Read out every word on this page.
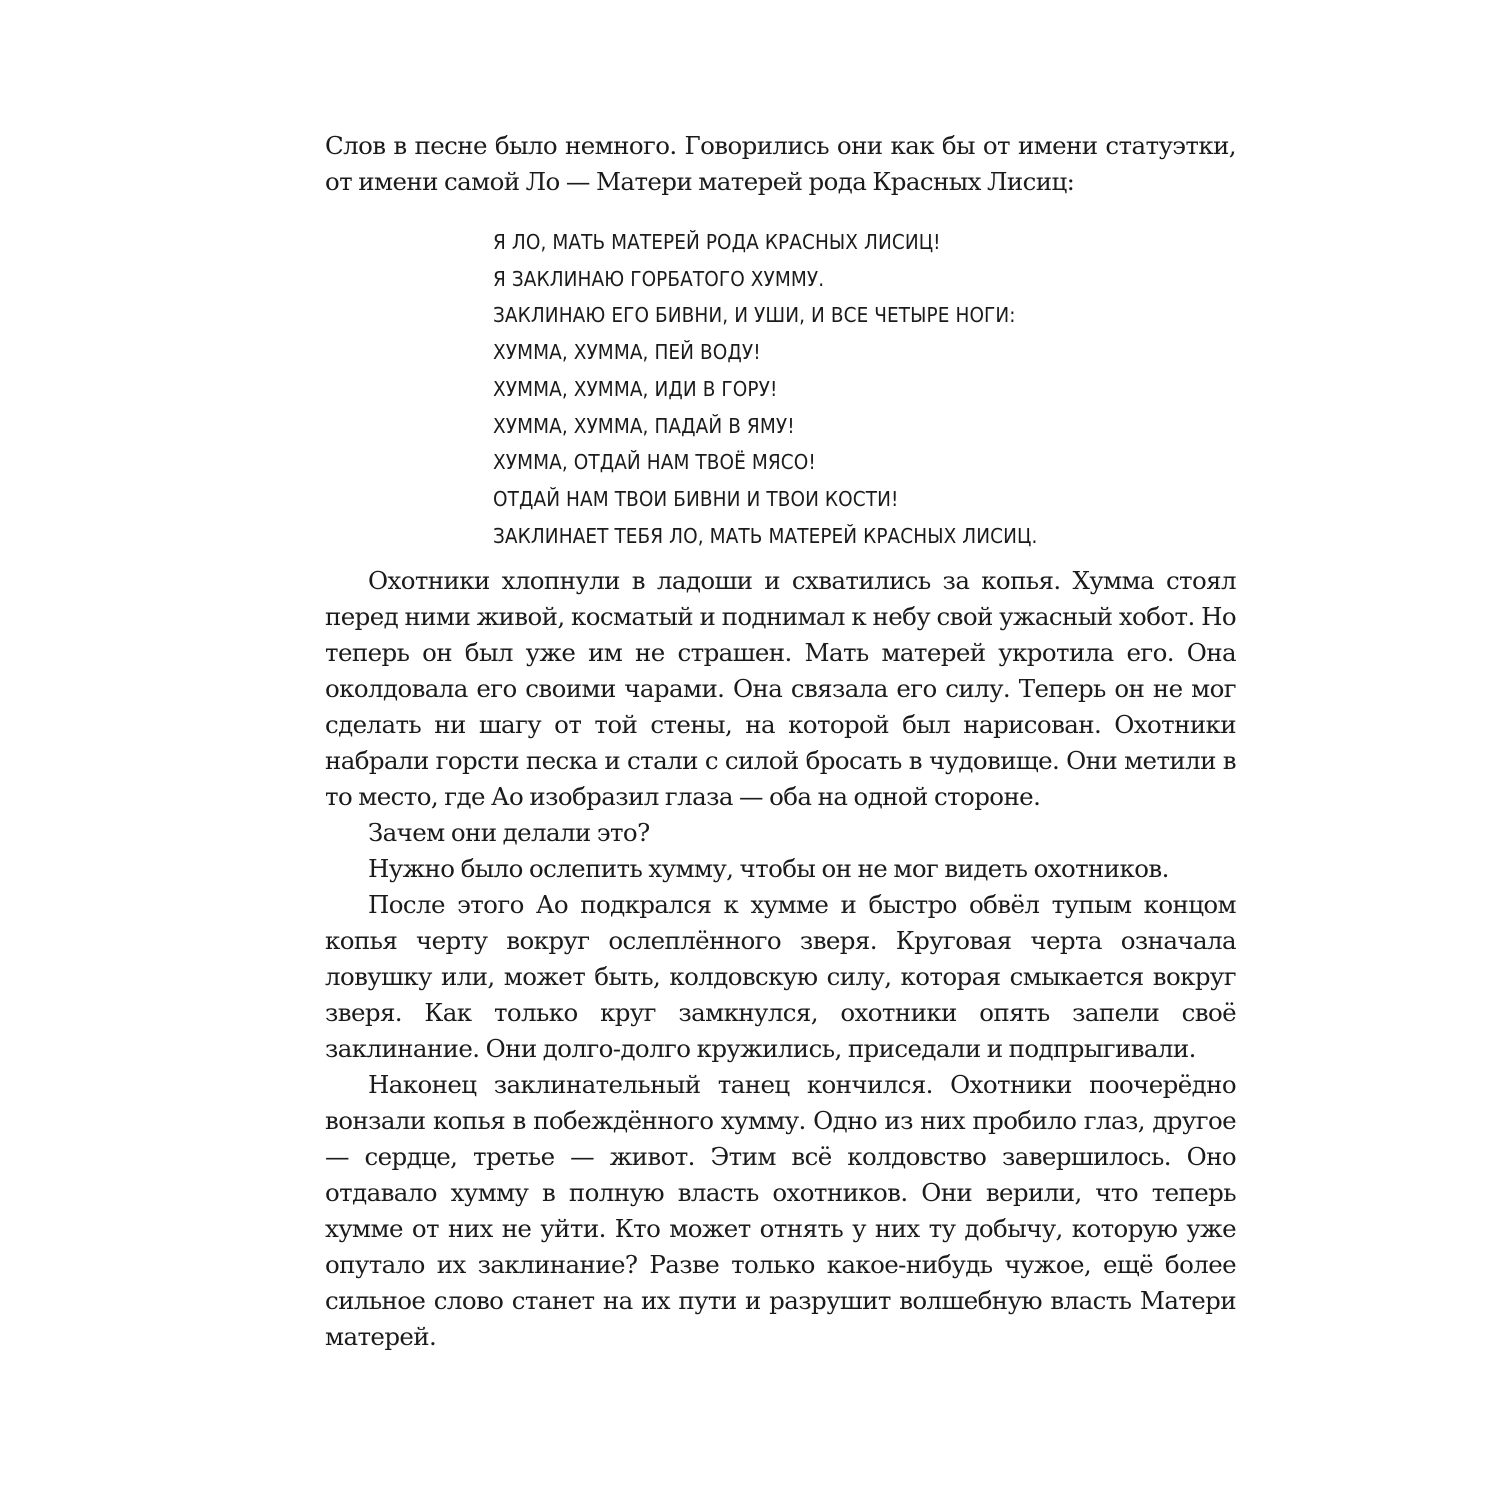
Слов в песне было немного. Говорились они как бы от имени статуэтки, от имени самой Ло — Матери матерей рода Красных Лисиц:

Я ЛО, МАТЬ МАТЕРЕЙ РОДА КРАСНЫХ ЛИСИЦ!
Я ЗАКЛИНАЮ ГОРБАТОГО ХУММУ.
ЗАКЛИНАЮ ЕГО БИВНИ, И УШИ, И ВСЕ ЧЕТЫРЕ НОГИ:
ХУММА, ХУММА, ПЕЙ ВОДУ!
ХУММА, ХУММА, ИДИ В ГОРУ!
ХУММА, ХУММА, ПАДАЙ В ЯМУ!
ХУММА, ОТДАЙ НАМ ТВОЁ МЯСО!
ОТДАЙ НАМ ТВОИ БИВНИ И ТВОИ КОСТИ!
ЗАКЛИНАЕТ ТЕБЯ ЛО, МАТЬ МАТЕРЕЙ КРАСНЫХ ЛИСИЦ.

Охотники хлопнули в ладоши и схватились за копья. Хумма стоял перед ними живой, косматый и поднимал к небу свой ужасный хобот. Но теперь он был уже им не страшен. Мать матерей укротила его. Она околдовала его своими чарами. Она связала его силу. Теперь он не мог сделать ни шагу от той стены, на которой был нарисован. Охотники набрали горсти песка и стали с силой бросать в чудовище. Они метили в то место, где Ао изобразил глаза — оба на одной стороне.

Зачем они делали это?

Нужно было ослепить хумму, чтобы он не мог видеть охотников.

После этого Ао подкрался к хумме и быстро обвёл тупым концом копья черту вокруг ослеплённого зверя. Круговая черта означала ловушку или, может быть, колдовскую силу, которая смыкается вокруг зверя. Как только круг замкнулся, охотники опять запели своё заклинание. Они долго-долго кружились, приседали и подпрыгивали.

Наконец заклинательный танец кончился. Охотники поочерёдно вонзали копья в побеждённого хумму. Одно из них пробило глаз, другое — сердце, третье — живот. Этим всё колдовство завершилось. Оно отдавало хумму в полную власть охотников. Они верили, что теперь хумме от них не уйти. Кто может отнять у них ту добычу, которую уже опутало их заклинание? Разве только какое-нибудь чужое, ещё более сильное слово станет на их пути и разрушит волшебную власть Матери матерей.
